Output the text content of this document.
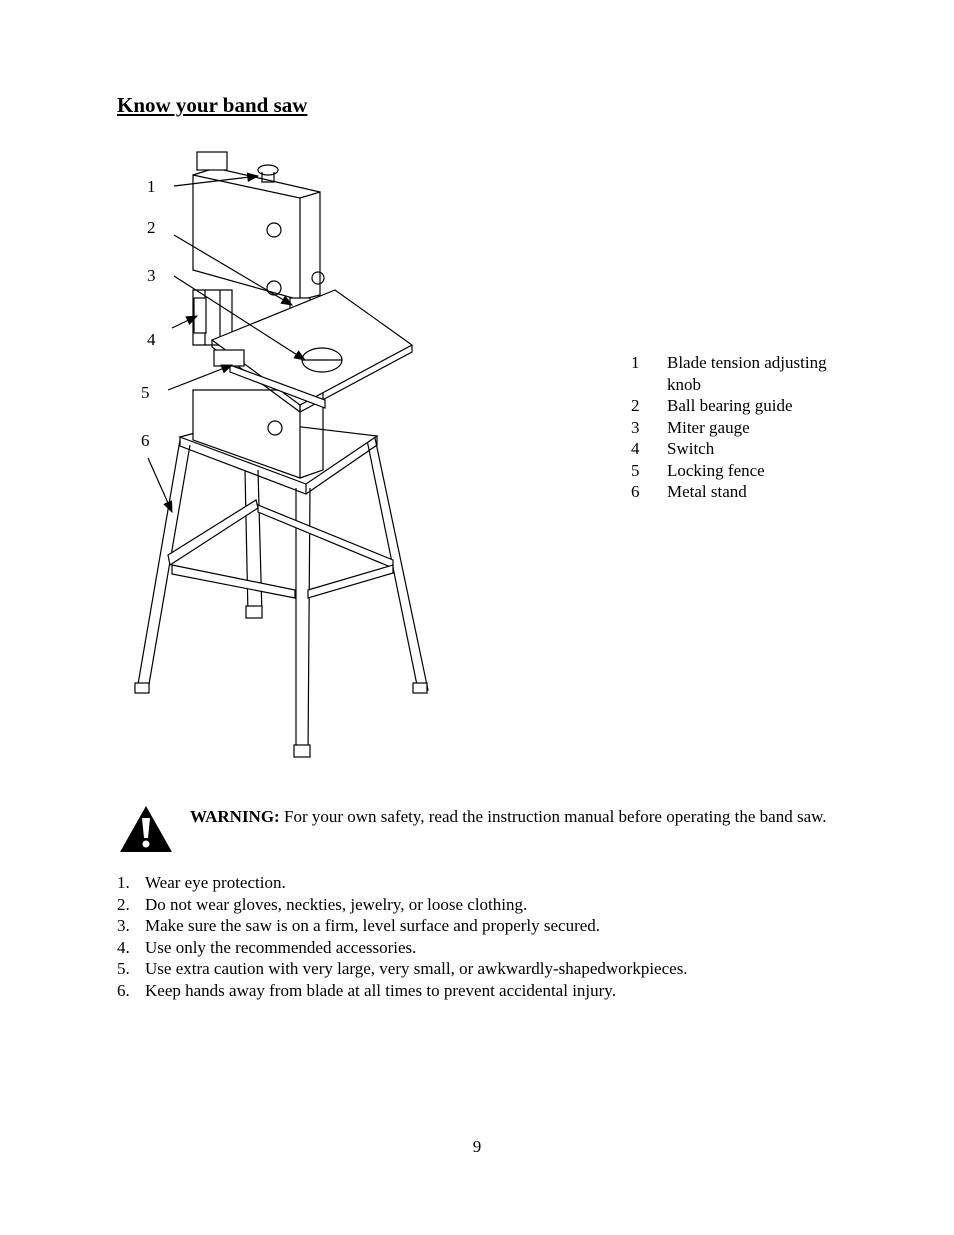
Know your band saw
1
2
3
4
5
6
1	Blade tension adjusting knob
2	Ball bearing guide
3	Miter gauge
4	Switch
5	Locking fence
6	Metal stand
WARNING: For your own safety, read the instruction manual before operating the band saw.
1. Wear eye protection.
2. Do not wear gloves, neckties, jewelry, or loose clothing.
3. Make sure the saw is on a firm, level surface and properly secured.
4. Use only the recommended accessories.
5. Use extra caution with very large, very small, or awkwardly-shapedworkpieces.
6. Keep hands away from blade at all times to prevent accidental injury.
9
